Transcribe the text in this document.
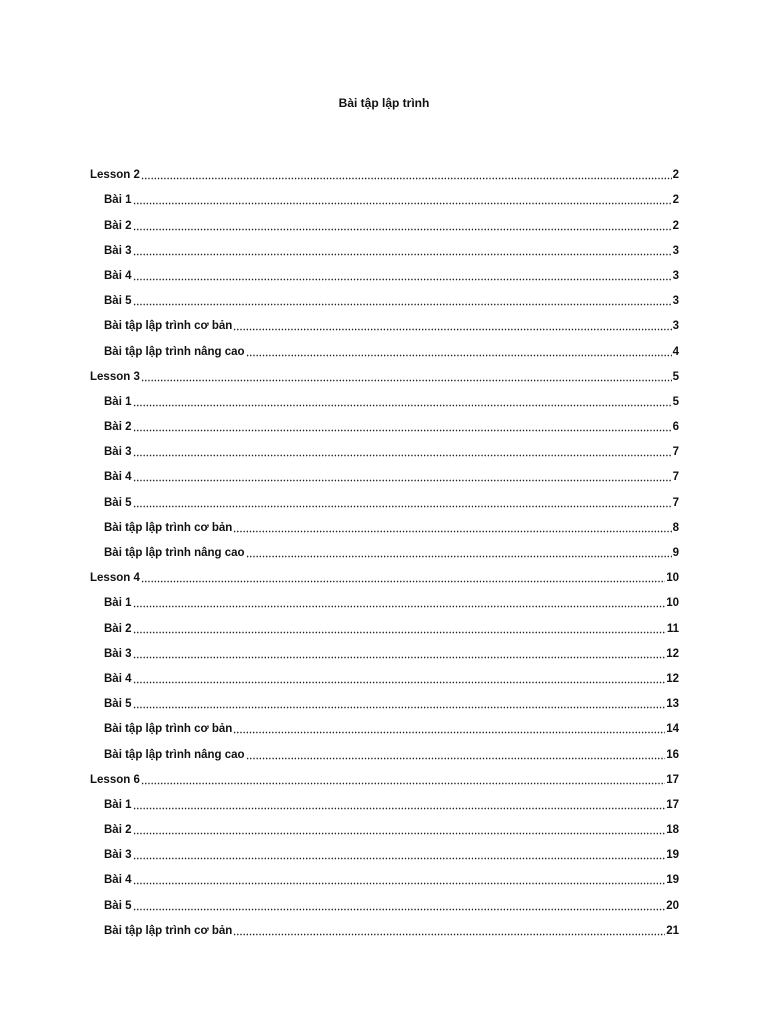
Bài tập lập trình
Lesson 2	2
Bài 1	2
Bài 2	2
Bài 3	3
Bài 4	3
Bài 5	3
Bài tập lập trình cơ bản	3
Bài tập lập trình nâng cao	4
Lesson 3	5
Bài 1	5
Bài 2	6
Bài 3	7
Bài 4	7
Bài 5	7
Bài tập lập trình cơ bản	8
Bài tập lập trình nâng cao	9
Lesson 4	10
Bài 1	10
Bài 2	11
Bài 3	12
Bài 4	12
Bài 5	13
Bài tập lập trình cơ bản	14
Bài tập lập trình nâng cao	16
Lesson 6	17
Bài 1	17
Bài 2	18
Bài 3	19
Bài 4	19
Bài 5	20
Bài tập lập trình cơ bản	21
